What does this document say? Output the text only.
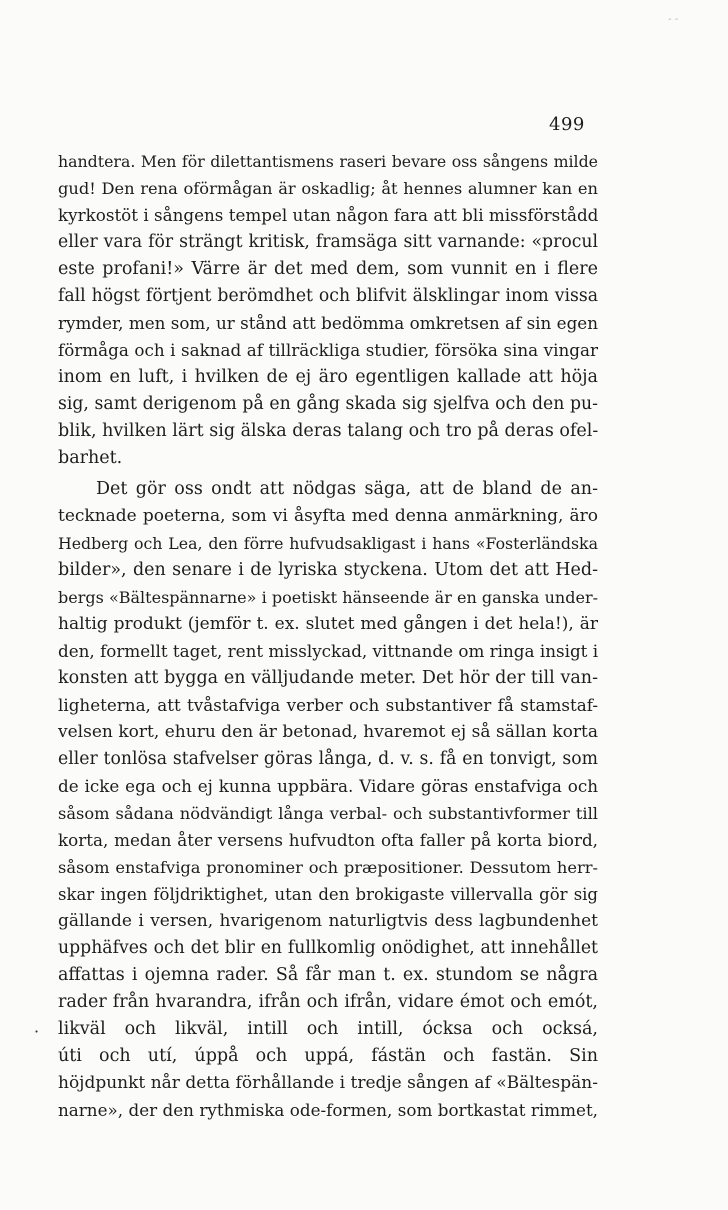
499
- -
·
handtera. Men för dilettantismens raseri bevare oss sångens milde
gud! Den rena oförmågan är oskadlig; åt hennes alumner kan en
kyrkostöt i sångens tempel utan någon fara att bli missförstådd
eller vara för strängt kritisk, framsäga sitt varnande: «procul
este profani!» Värre är det med dem, som vunnit en i flere
fall högst förtjent berömdhet och blifvit älsklingar inom vissa
rymder, men som, ur stånd att bedömma omkretsen af sin egen
förmåga och i saknad af tillräckliga studier, försöka sina vingar
inom en luft, i hvilken de ej äro egentligen kallade att höja
sig, samt derigenom på en gång skada sig sjelfva och den pu-
blik, hvilken lärt sig älska deras talang och tro på deras ofel-
barhet.
Det gör oss ondt att nödgas säga, att de bland de an-
tecknade poeterna, som vi åsyfta med denna anmärkning, äro
Hedberg och Lea, den förre hufvudsakligast i hans «Fosterländska
bilder», den senare i de lyriska styckena. Utom det att Hed-
bergs «Bältespännarne» i poetiskt hänseende är en ganska under-
haltig produkt (jemför t. ex. slutet med gången i det hela!), är
den, formellt taget, rent misslyckad, vittnande om ringa insigt i
konsten att bygga en välljudande meter. Det hör der till van-
ligheterna, att tvåstafviga verber och substantiver få stamstaf-
velsen kort, ehuru den är betonad, hvaremot ej så sällan korta
eller tonlösa stafvelser göras långa, d. v. s. få en tonvigt, som
de icke ega och ej kunna uppbära. Vidare göras enstafviga och
såsom sådana nödvändigt långa verbal- och substantivformer till
korta, medan åter versens hufvudton ofta faller på korta biord,
såsom enstafviga pronominer och præpositioner. Dessutom herr-
skar ingen följdriktighet, utan den brokigaste villervalla gör sig
gällande i versen, hvarigenom naturligtvis dess lagbundenhet
upphäfves och det blir en fullkomlig onödighet, att innehållet
affattas i ojemna rader. Så får man t. ex. stundom se några
rader från hvarandra, ifrån och ifrån, vidare émot och emót,
likväl och likväl, intill och intill, ócksa och ocksá,
úti och utí, úppå och uppá, fástän och fastän. Sin
höjdpunkt når detta förhållande i tredje sången af «Bältespän-
narne», der den rythmiska ode-formen, som bortkastat rimmet,
